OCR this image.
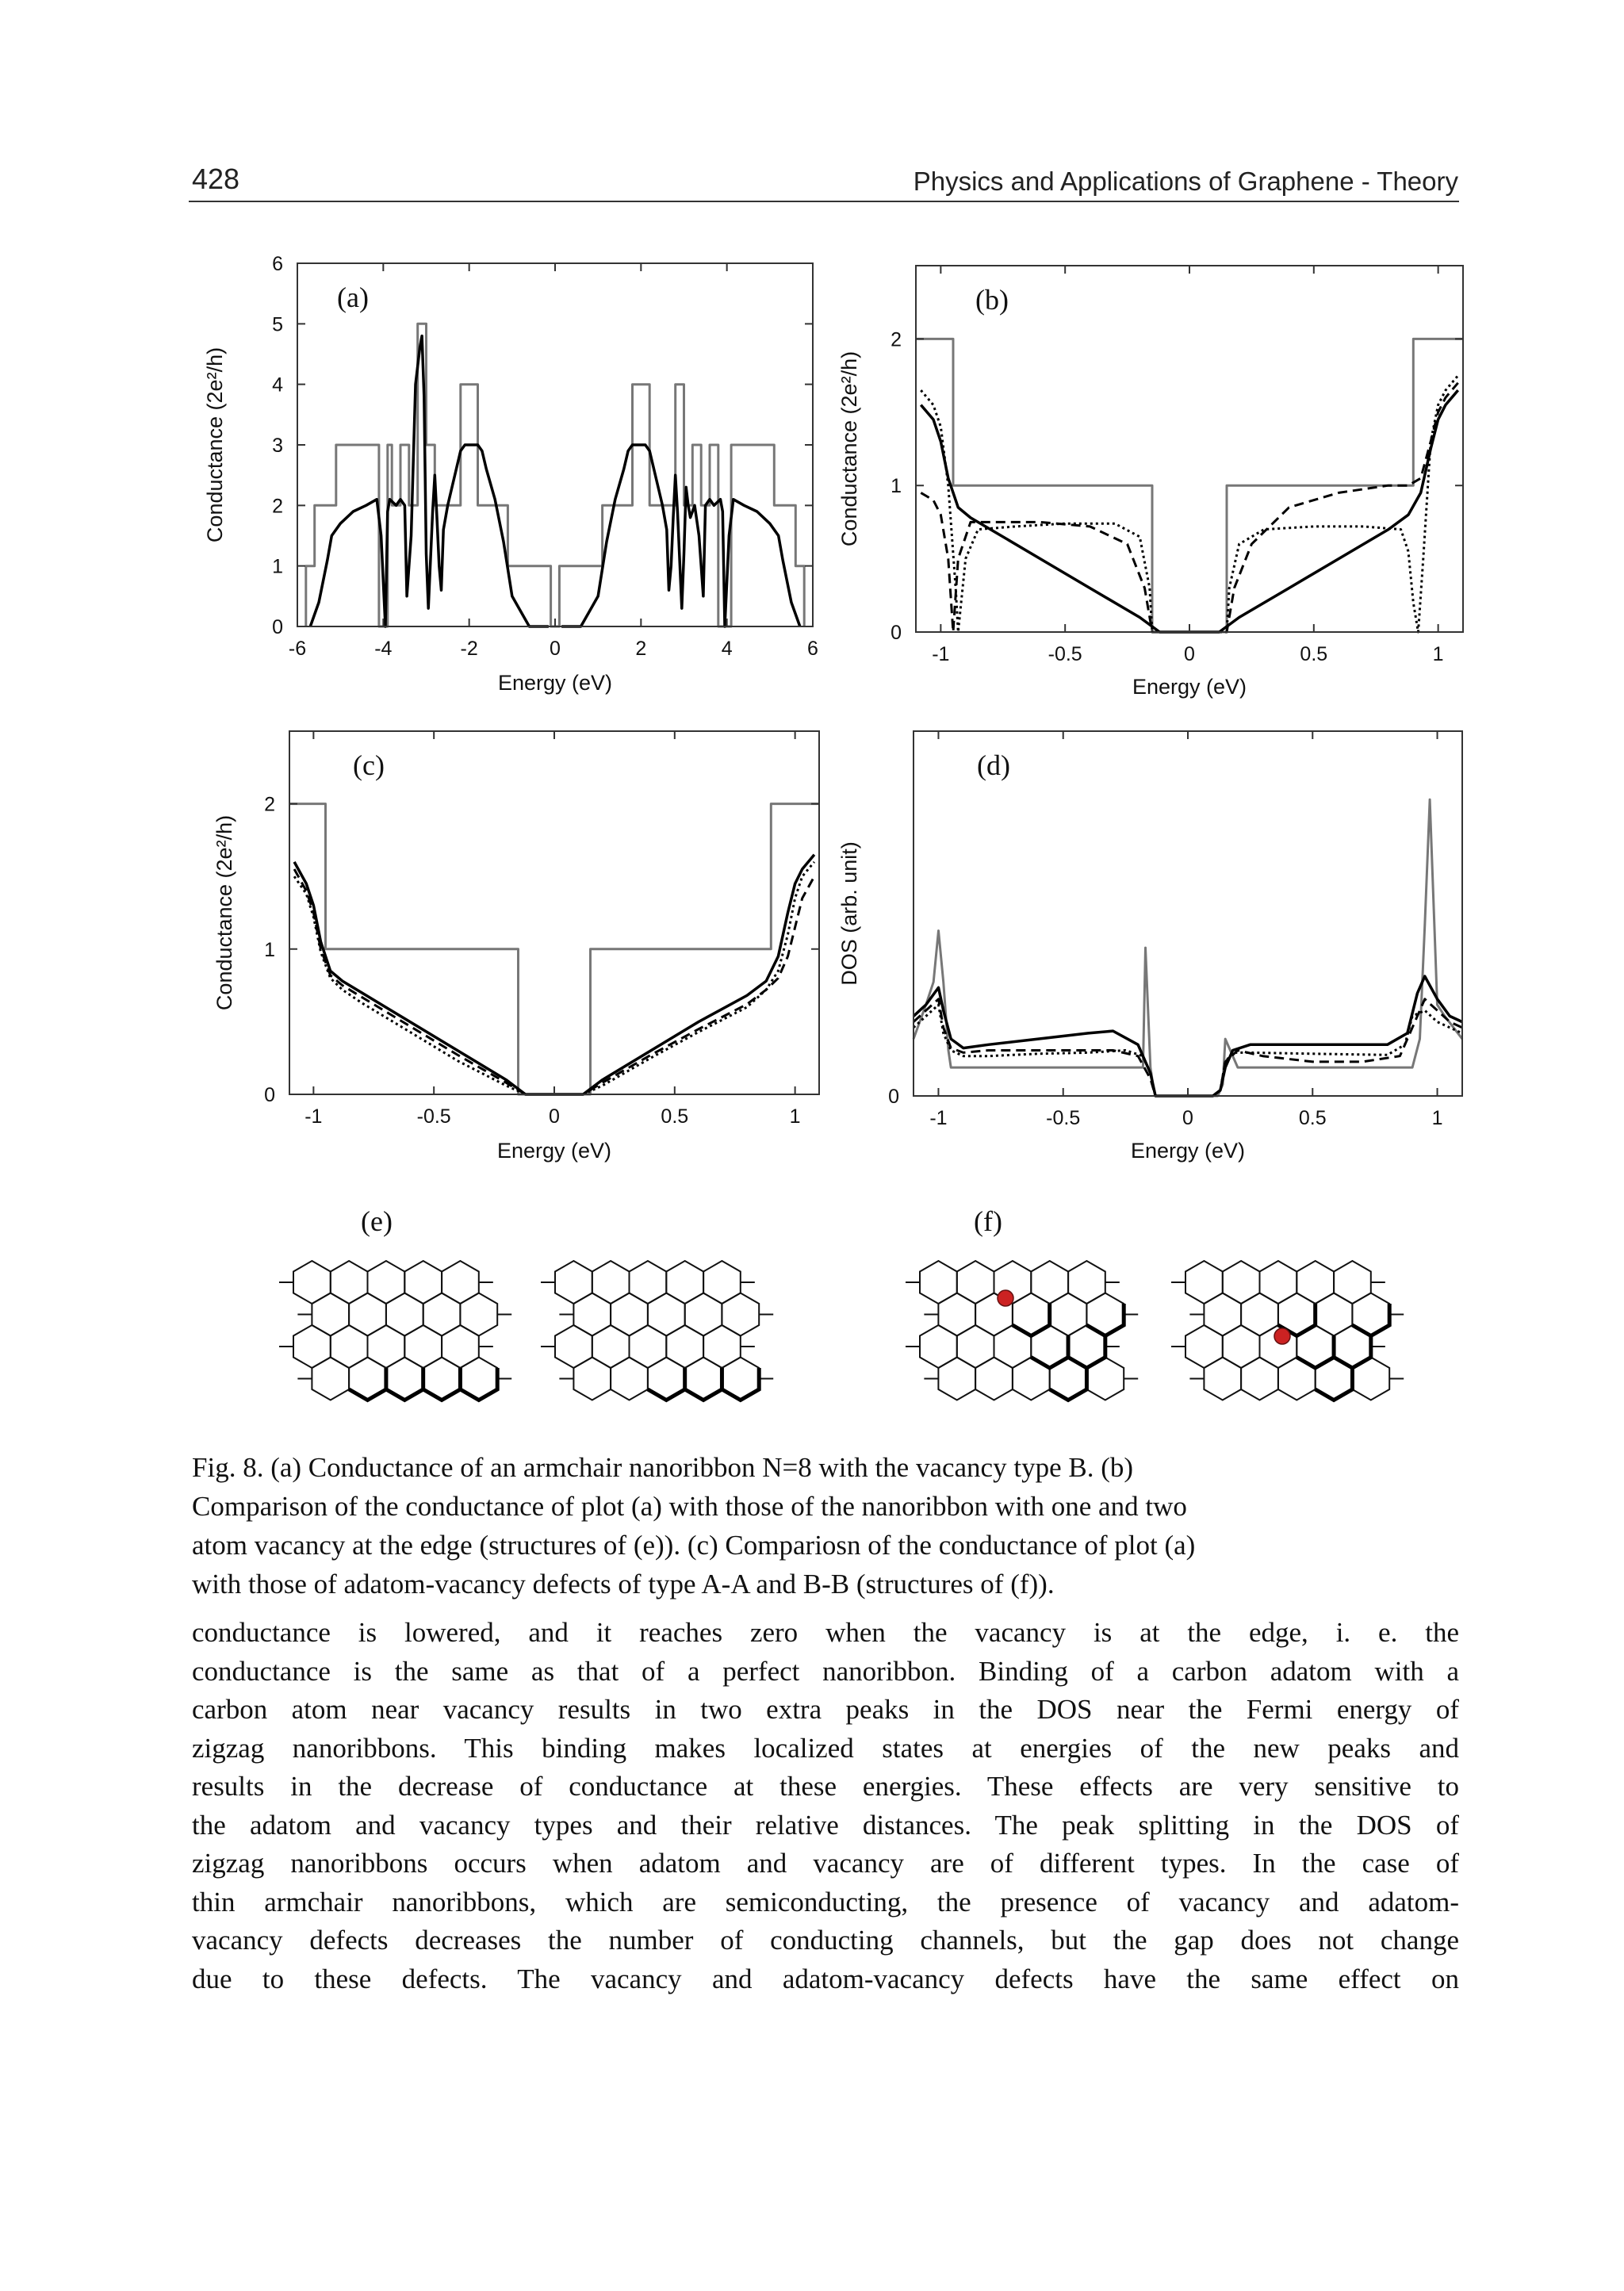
428	Physics and Applications of Graphene - Theory
-6	-4	-2	0	2	4	6
0
1
2
3
4
5
6
Energy (eV)
Conductance (2e²/h)
(a)
-1	-0.5	0	0.5	1
0
1
2
Energy (eV)
Conductance (2e²/h)
(b)
-1	-0.5	0	0.5	1
0
1
2
Energy (eV)
Conductance (2e²/h)
(c)
-1	-0.5	0	0.5	1
0
Energy (eV)
DOS (arb. unit)
(d)
(e)	(f)

Fig. 8. (a) Conductance of an armchair nanoribbon N=8 with the vacancy type B. (b)

Comparison of the conductance of plot (a) with those of the nanoribbon with one and two

atom vacancy at the edge (structures of (e)). (c) Compariosn of the conductance of plot (a)

with those of adatom-vacancy defects of type A-A and B-B (structures of (f)).

conductance is lowered, and it reaches zero when the vacancy is at the edge, i. e. the

conductance is the same as that of a perfect nanoribbon. Binding of a carbon adatom with a

carbon atom near vacancy results in two extra peaks in the DOS near the Fermi energy of

zigzag nanoribbons. This binding makes localized states at energies of the new peaks and

results in the decrease of conductance at these energies. These effects are very sensitive to

the adatom and vacancy types and their relative distances. The peak splitting in the DOS of

zigzag nanoribbons occurs when adatom and vacancy are of different types. In the case of

thin armchair nanoribbons, which are semiconducting, the presence of vacancy and adatom-

vacancy defects decreases the number of conducting channels, but the gap does not change

due to these defects. The vacancy and adatom-vacancy defects have the same effect on
